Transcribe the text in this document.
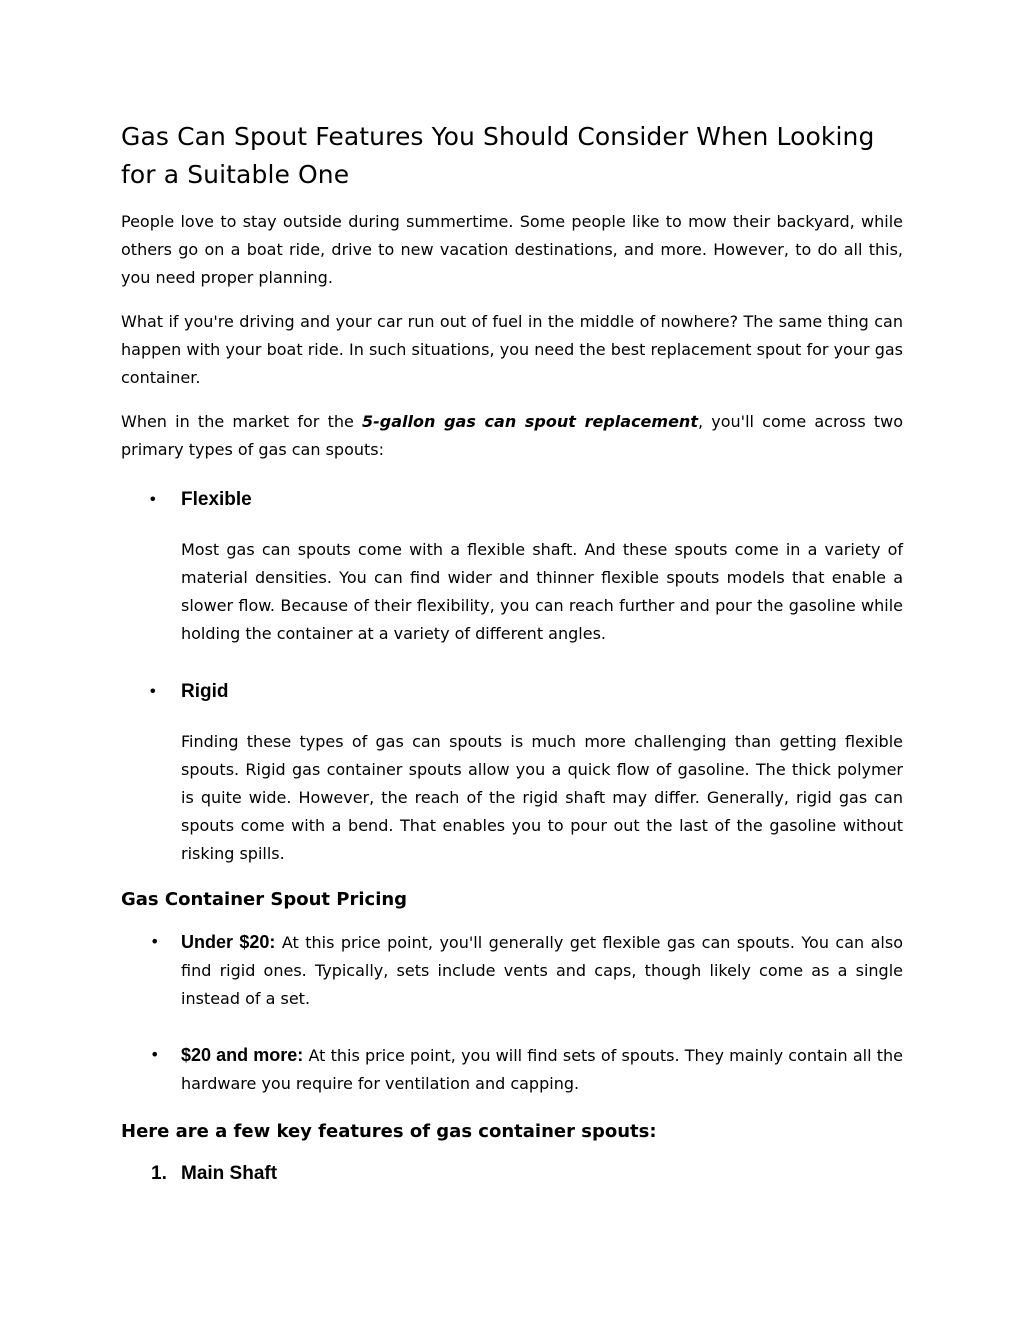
Gas Can Spout Features You Should Consider When Looking for a Suitable One

People love to stay outside during summertime. Some people like to mow their backyard, while others go on a boat ride, drive to new vacation destinations, and more. However, to do all this, you need proper planning.

What if you're driving and your car run out of fuel in the middle of nowhere? The same thing can happen with your boat ride. In such situations, you need the best replacement spout for your gas container.

When in the market for the 5-gallon gas can spout replacement, you'll come across two primary types of gas can spouts:

• Flexible

Most gas can spouts come with a flexible shaft. And these spouts come in a variety of material densities. You can find wider and thinner flexible spouts models that enable a slower flow. Because of their flexibility, you can reach further and pour the gasoline while holding the container at a variety of different angles.

• Rigid

Finding these types of gas can spouts is much more challenging than getting flexible spouts. Rigid gas container spouts allow you a quick flow of gasoline. The thick polymer is quite wide. However, the reach of the rigid shaft may differ. Generally, rigid gas can spouts come with a bend. That enables you to pour out the last of the gasoline without risking spills.

Gas Container Spout Pricing
• Under $20: At this price point, you'll generally get flexible gas can spouts. You can also find rigid ones. Typically, sets include vents and caps, though likely come as a single instead of a set.
• $20 and more: At this price point, you will find sets of spouts. They mainly contain all the hardware you require for ventilation and capping.
Here are a few key features of gas container spouts:
1. Main Shaft
